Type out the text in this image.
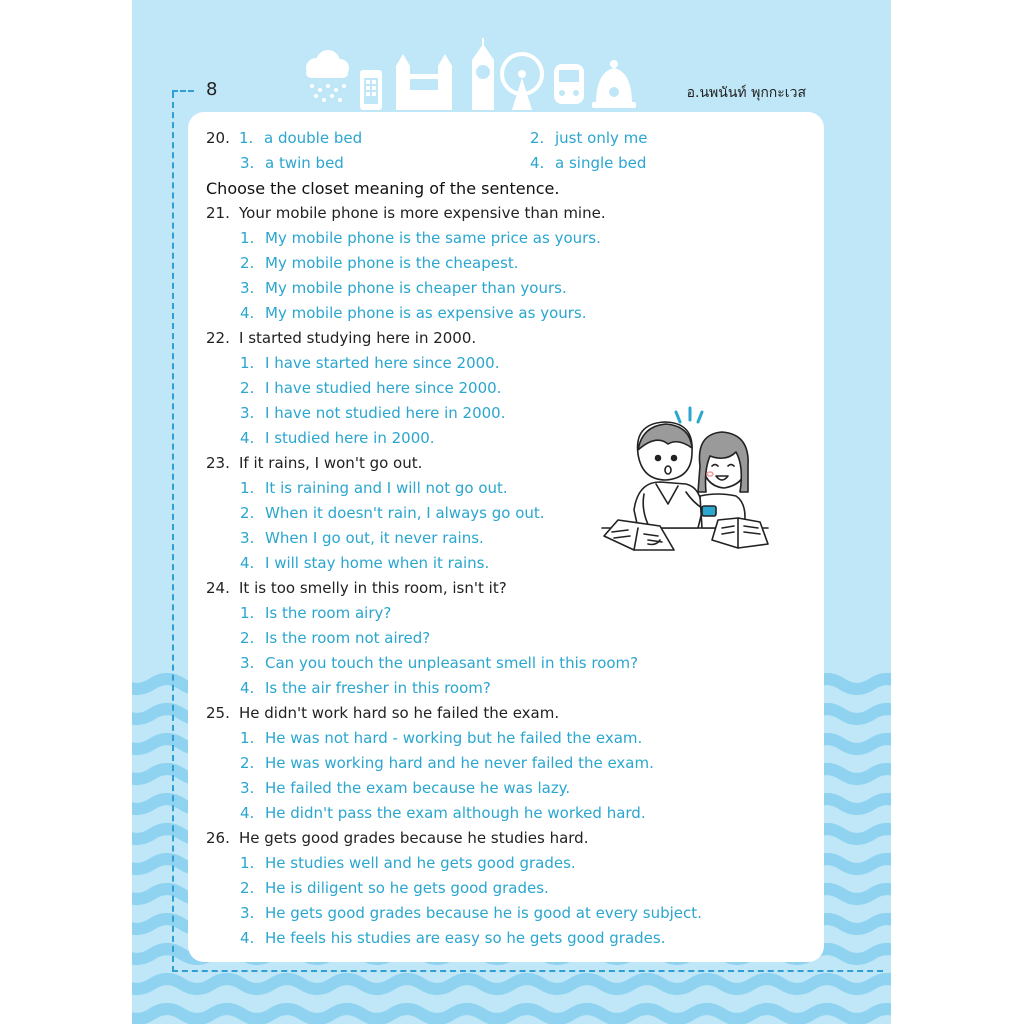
8	อ.นพนันท์ พุกกะเวส
20. 1. a double bed	2. just only me
3. a twin bed	4. a single bed
Choose the closet meaning of the sentence.
21. Your mobile phone is more expensive than mine.
1. My mobile phone is the same price as yours.
2. My mobile phone is the cheapest.
3. My mobile phone is cheaper than yours.
4. My mobile phone is as expensive as yours.
22. I started studying here in 2000.
1. I have started here since 2000.
2. I have studied here since 2000.
3. I have not studied here in 2000.
4. I studied here in 2000.
23. If it rains, I won't go out.
1. It is raining and I will not go out.
2. When it doesn't rain, I always go out.
3. When I go out, it never rains.
4. I will stay home when it rains.
24. It is too smelly in this room, isn't it?
1. Is the room airy?
2. Is the room not aired?
3. Can you touch the unpleasant smell in this room?
4. Is the air fresher in this room?
25. He didn't work hard so he failed the exam.
1. He was not hard - working but he failed the exam.
2. He was working hard and he never failed the exam.
3. He failed the exam because he was lazy.
4. He didn't pass the exam although he worked hard.
26. He gets good grades because he studies hard.
1. He studies well and he gets good grades.
2. He is diligent so he gets good grades.
3. He gets good grades because he is good at every subject.
4. He feels his studies are easy so he gets good grades.
